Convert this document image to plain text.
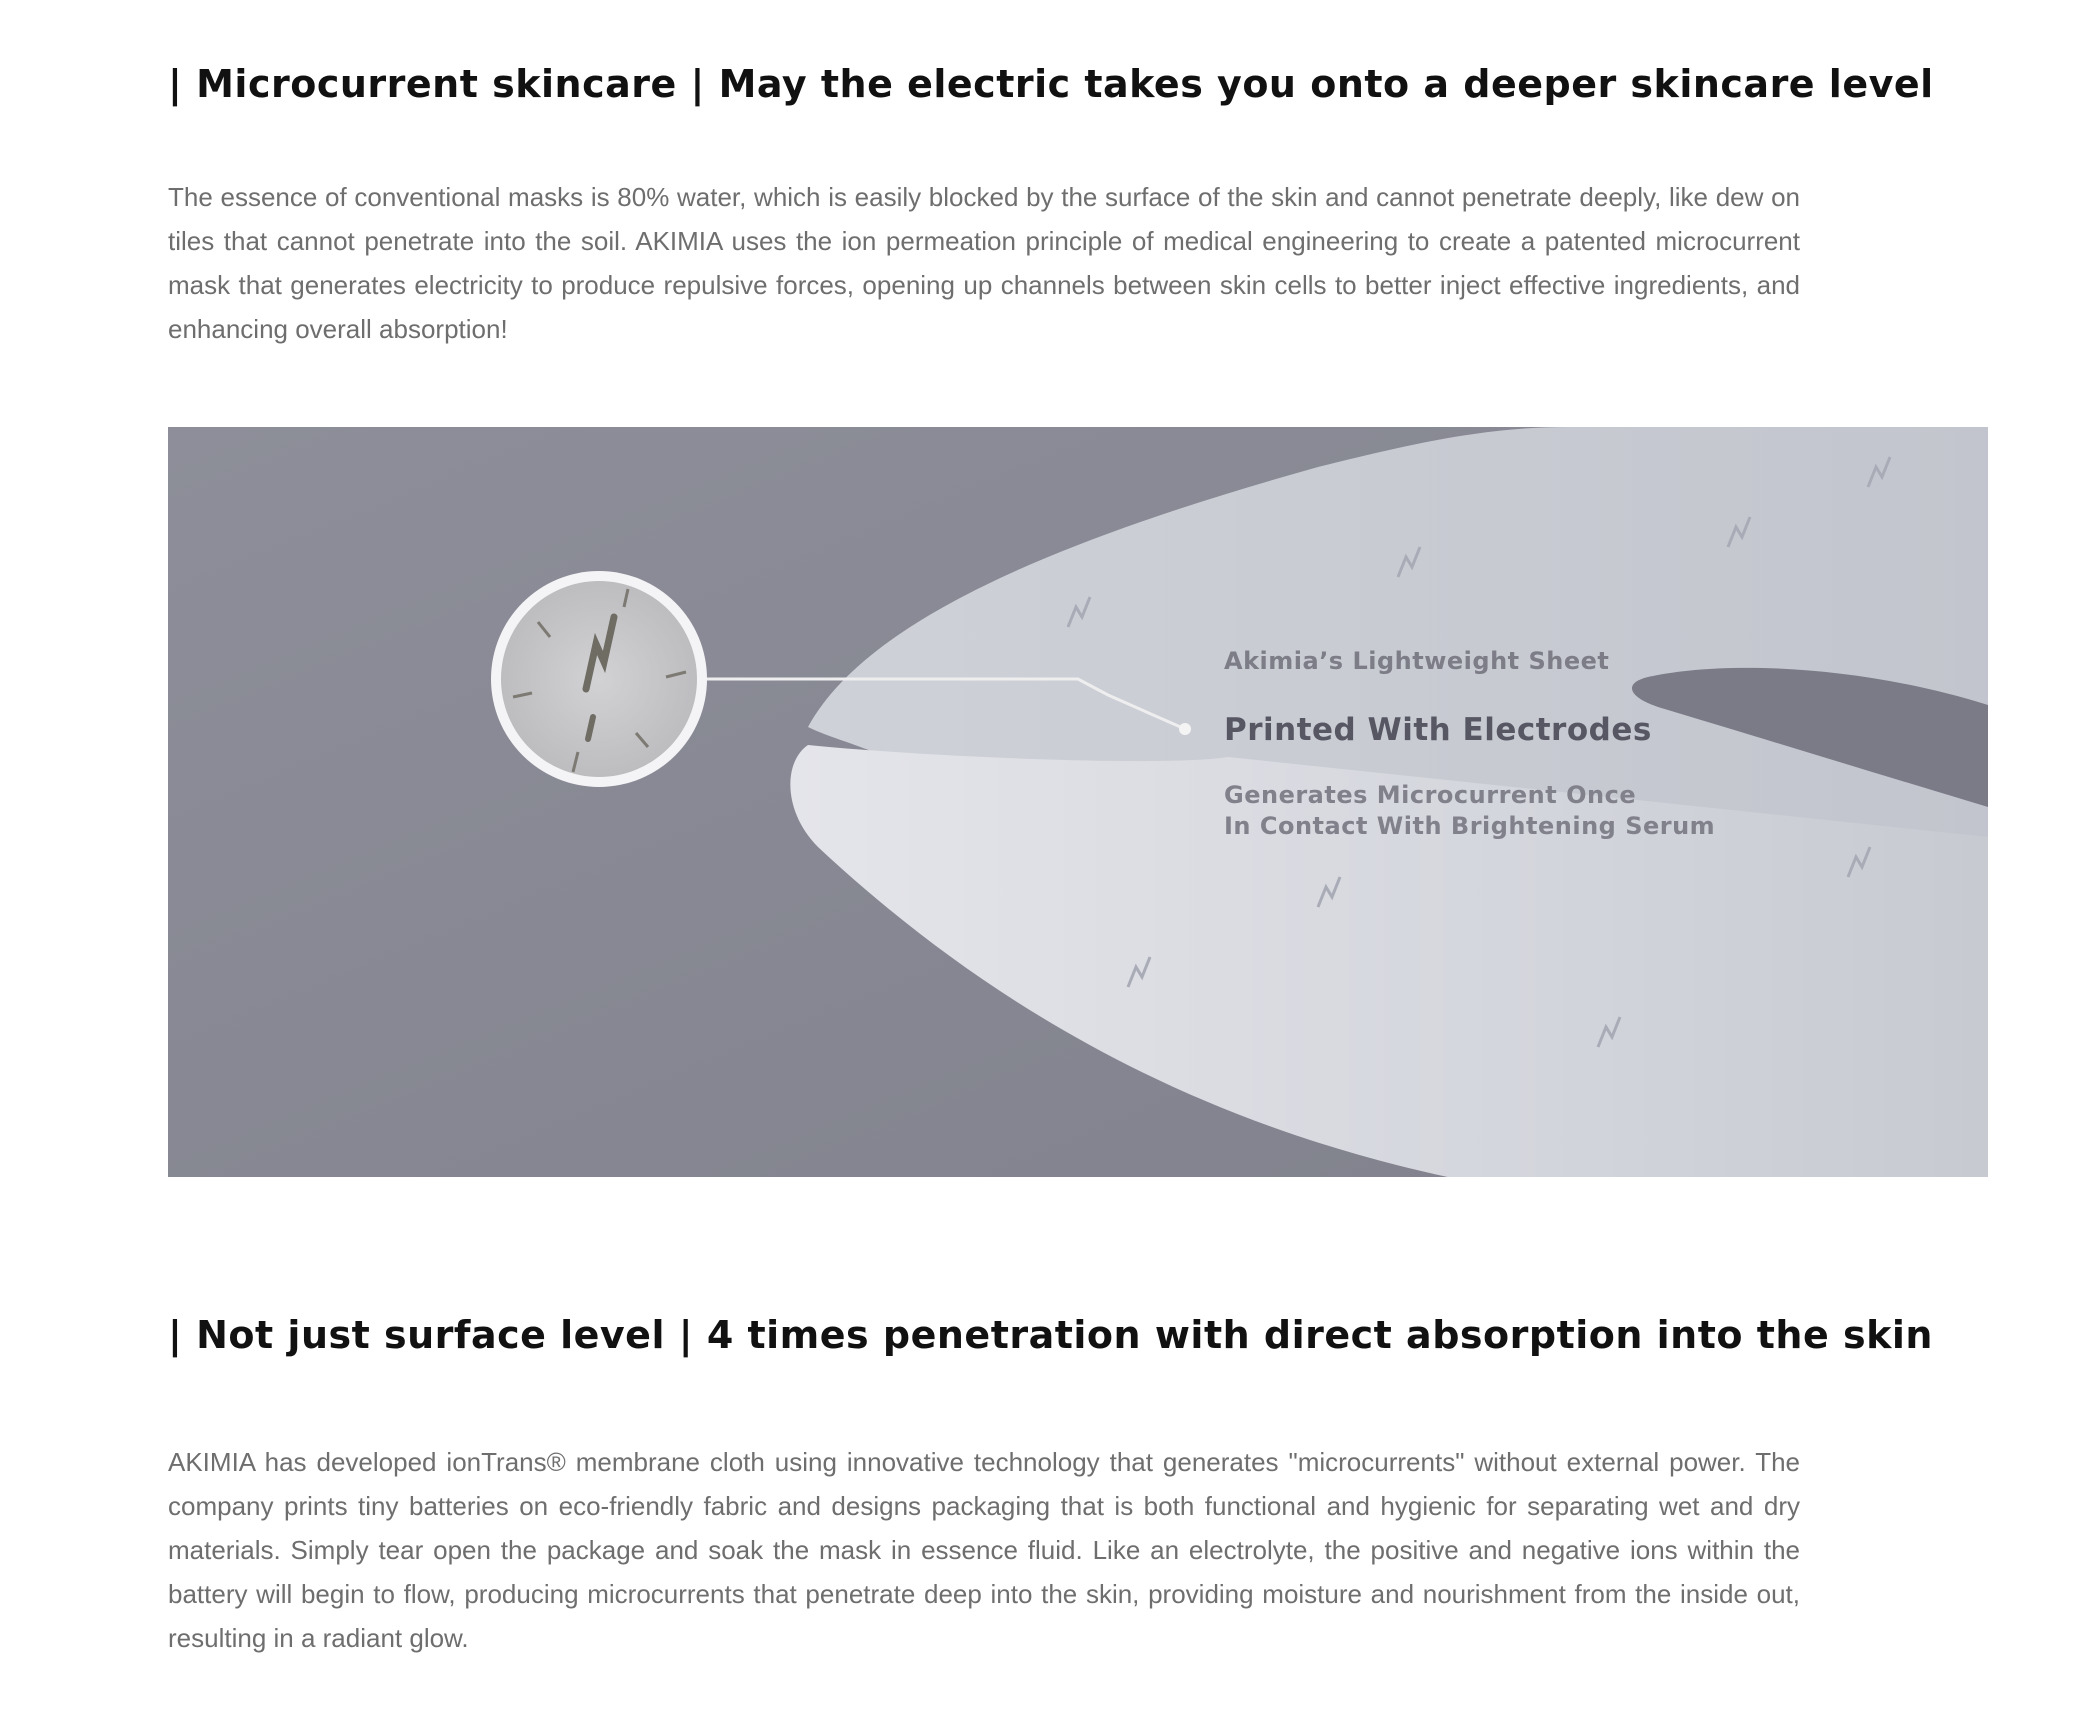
| Microcurrent skincare | May the electric takes you onto a deeper skincare level

The essence of conventional masks is 80% water, which is easily blocked by the surface of the skin and cannot penetrate deeply, like dew on tiles that cannot penetrate into the soil. AKIMIA uses the ion permeation principle of medical engineering to create a patented microcurrent mask that generates electricity to produce repulsive forces, opening up channels between skin cells to better inject effective ingredients, and enhancing overall absorption!

Akimia’s Lightweight Sheet

Printed With Electrodes

Generates Microcurrent Once
In Contact With Brightening Serum

| Not just surface level | 4 times penetration with direct absorption into the skin

AKIMIA has developed ionTrans® membrane cloth using innovative technology that generates "microcurrents" without external power. The company prints tiny batteries on eco-friendly fabric and designs packaging that is both functional and hygienic for separating wet and dry materials. Simply tear open the package and soak the mask in essence fluid. Like an electrolyte, the positive and negative ions within the battery will begin to flow, producing microcurrents that penetrate deep into the skin, providing moisture and nourishment from the inside out, resulting in a radiant glow.
